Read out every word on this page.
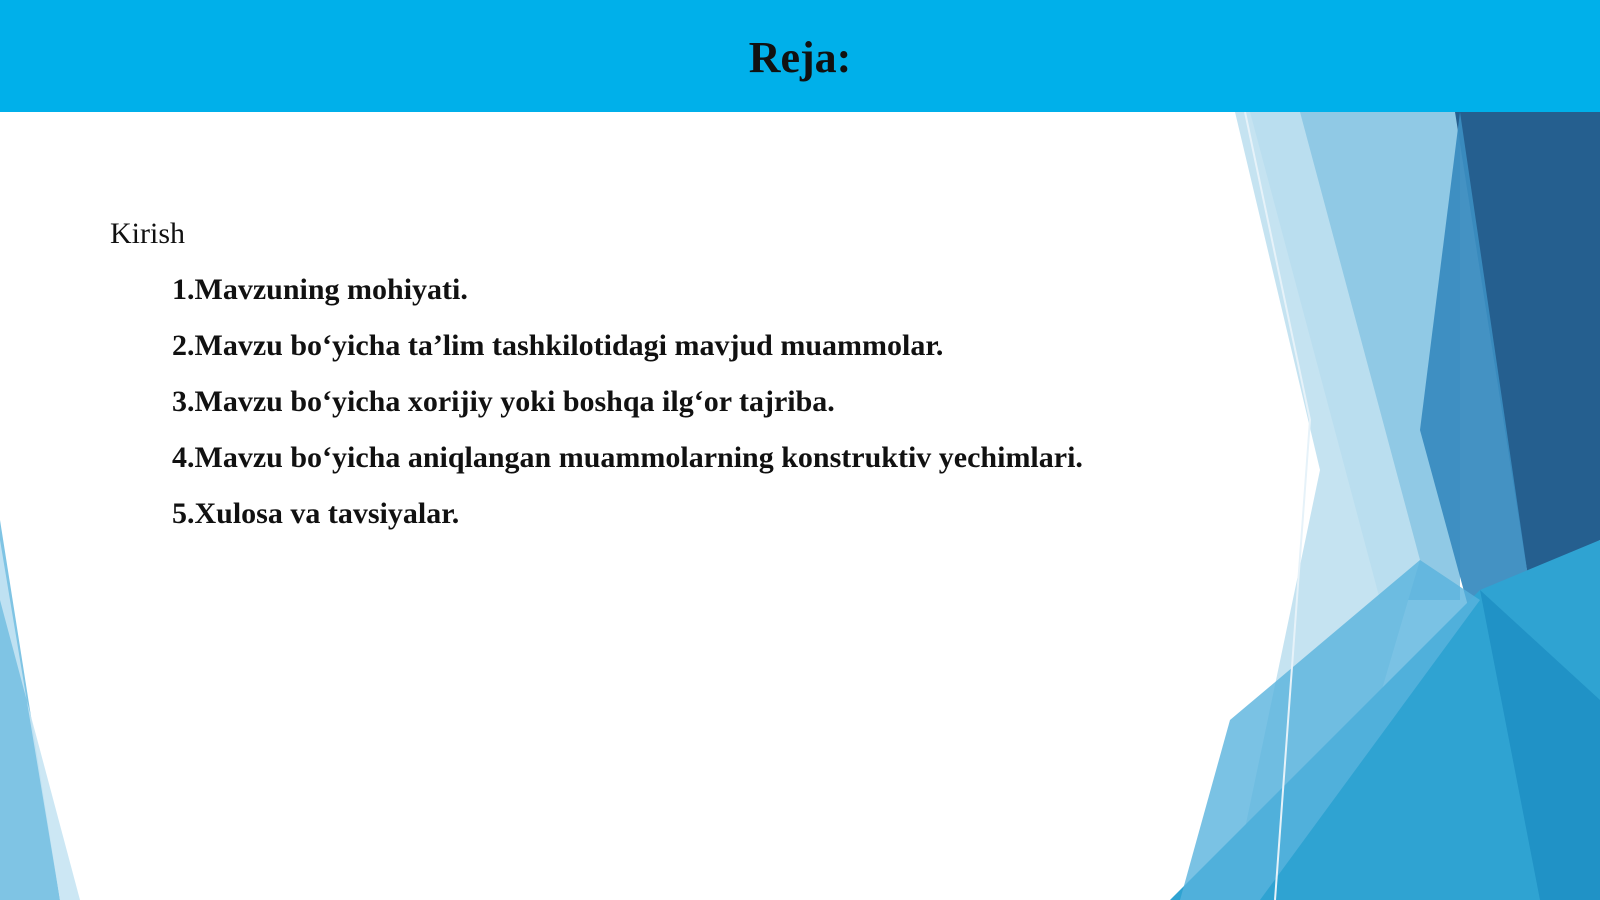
Reja:
Kirish
1.Mavzuning mohiyati.
2.Mavzu bo‘yicha ta’lim tashkilotidagi mavjud muammolar.
3.Mavzu bo‘yicha xorijiy yoki boshqa ilg‘or tajriba.
4.Mavzu bo‘yicha aniqlangan muammolarning konstruktiv yechimlari.
5.Xulosa va tavsiyalar.
